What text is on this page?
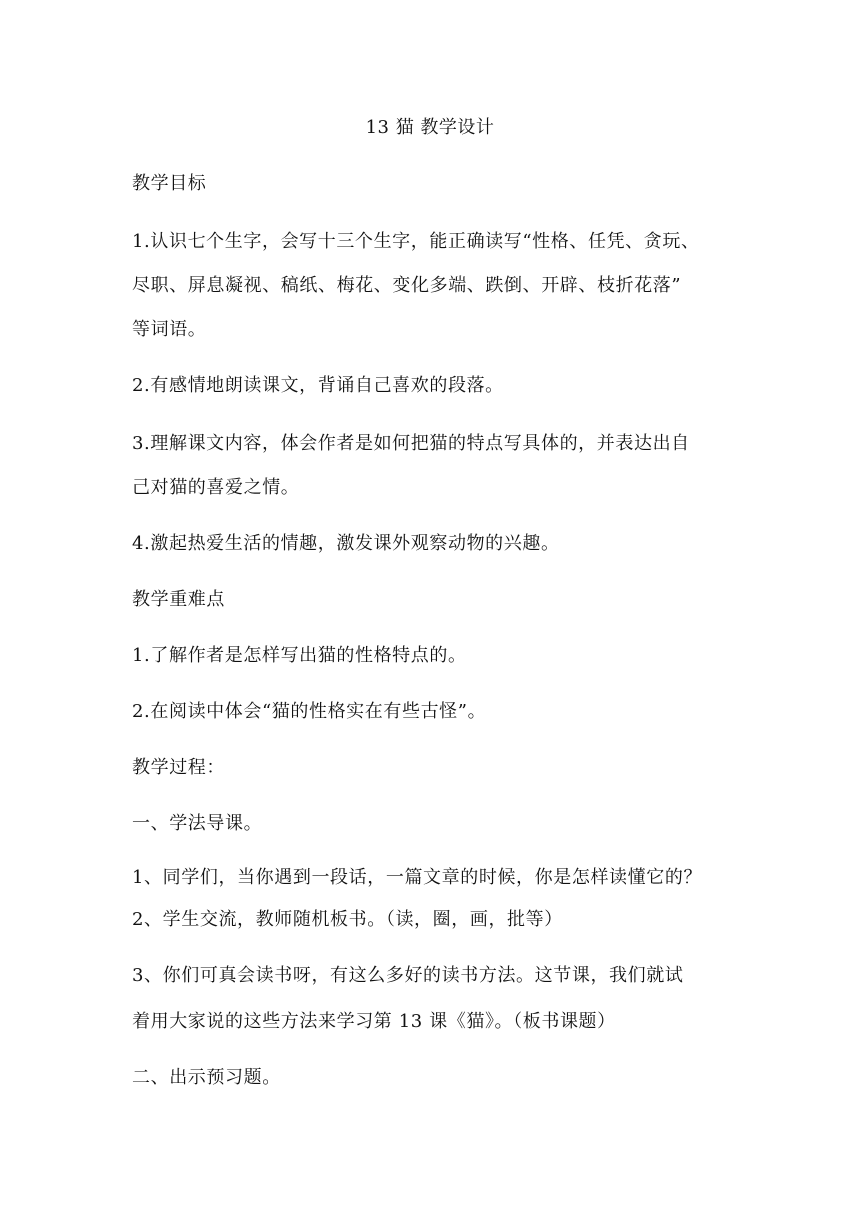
13 猫 教学设计
教学目标
1.认识七个生字，会写十三个生字，能正确读写“性格、任凭、贪玩、
尽职、屏息凝视、稿纸、梅花、变化多端、跌倒、开辟、枝折花落”
等词语。
2.有感情地朗读课文，背诵自己喜欢的段落。
3.理解课文内容，体会作者是如何把猫的特点写具体的，并表达出自
己对猫的喜爱之情。
4.激起热爱生活的情趣，激发课外观察动物的兴趣。
教学重难点
1.了解作者是怎样写出猫的性格特点的。
2.在阅读中体会“猫的性格实在有些古怪”。
教学过程：
一、学法导课。
1、同学们，当你遇到一段话，一篇文章的时候，你是怎样读懂它的？
2、学生交流，教师随机板书。（读，圈，画，批等）
3、你们可真会读书呀，有这么多好的读书方法。这节课，我们就试
着用大家说的这些方法来学习第 13 课《猫》。（板书课题）
二、出示预习题。
